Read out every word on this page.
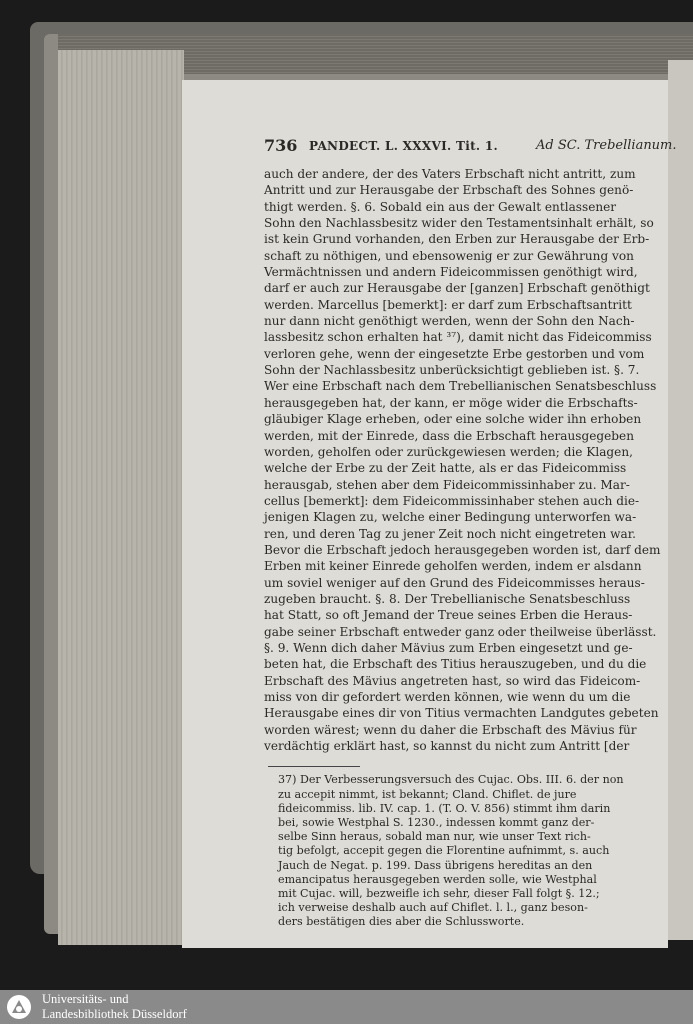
736 PANDECT. L. XXXVI. Tit. 1.	Ad SC. Trebellianum.
auch der andere, der des Vaters Erbschaft nicht antritt, zum
Antritt und zur Herausgabe der Erbschaft des Sohnes genö-
thigt werden. §. 6. Sobald ein aus der Gewalt entlassener
Sohn den Nachlassbesitz wider den Testamentsinhalt erhält, so
ist kein Grund vorhanden, den Erben zur Herausgabe der Erb-
schaft zu nöthigen, und ebensowenig er zur Gewährung von
Vermächtnissen und andern Fideicommissen genöthigt wird,
darf er auch zur Herausgabe der [ganzen] Erbschaft genöthigt
werden. Marcellus [bemerkt]: er darf zum Erbschaftsantritt
nur dann nicht genöthigt werden, wenn der Sohn den Nach-
lassbesitz schon erhalten hat ³⁷), damit nicht das Fideicommiss
verloren gehe, wenn der eingesetzte Erbe gestorben und vom
Sohn der Nachlassbesitz unberücksichtigt geblieben ist. §. 7.
Wer eine Erbschaft nach dem Trebellianischen Senatsbeschluss
herausgegeben hat, der kann, er möge wider die Erbschafts-
gläubiger Klage erheben, oder eine solche wider ihn erhoben
werden, mit der Einrede, dass die Erbschaft herausgegeben
worden, geholfen oder zurückgewiesen werden; die Klagen,
welche der Erbe zu der Zeit hatte, als er das Fideicommiss
herausgab, stehen aber dem Fideicommissinhaber zu. Mar-
cellus [bemerkt]: dem Fideicommissinhaber stehen auch die-
jenigen Klagen zu, welche einer Bedingung unterworfen wa-
ren, und deren Tag zu jener Zeit noch nicht eingetreten war.
Bevor die Erbschaft jedoch herausgegeben worden ist, darf dem
Erben mit keiner Einrede geholfen werden, indem er alsdann
um soviel weniger auf den Grund des Fideicommisses heraus-
zugeben braucht. §. 8. Der Trebellianische Senatsbeschluss
hat Statt, so oft Jemand der Treue seines Erben die Heraus-
gabe seiner Erbschaft entweder ganz oder theilweise überlässt.
§. 9. Wenn dich daher Mävius zum Erben eingesetzt und ge-
beten hat, die Erbschaft des Titius herauszugeben, und du die
Erbschaft des Mävius angetreten hast, so wird das Fideicom-
miss von dir gefordert werden können, wie wenn du um die
Herausgabe eines dir von Titius vermachten Landgutes gebeten
worden wärest; wenn du daher die Erbschaft des Mävius für
verdächtig erklärt hast, so kannst du nicht zum Antritt [der
37) Der Verbesserungsversuch des Cujac. Obs. III. 6. der non
zu accepit nimmt, ist bekannt; Cland. Chiflet. de jure
fideicommiss. lib. IV. cap. 1. (T. O. V. 856) stimmt ihm darin
bei, sowie Westphal S. 1230., indessen kommt ganz der-
selbe Sinn heraus, sobald man nur, wie unser Text rich-
tig befolgt, accepit gegen die Florentine aufnimmt, s. auch
Jauch de Negat. p. 199. Dass übrigens hereditas an den
emancipatus herausgegeben werden solle, wie Westphal
mit Cujac. will, bezweifle ich sehr, dieser Fall folgt §. 12.;
ich verweise deshalb auch auf Chiflet. l. l., ganz beson-
ders bestätigen dies aber die Schlussworte.
Universitäts- und
Landesbibliothek Düsseldorf
